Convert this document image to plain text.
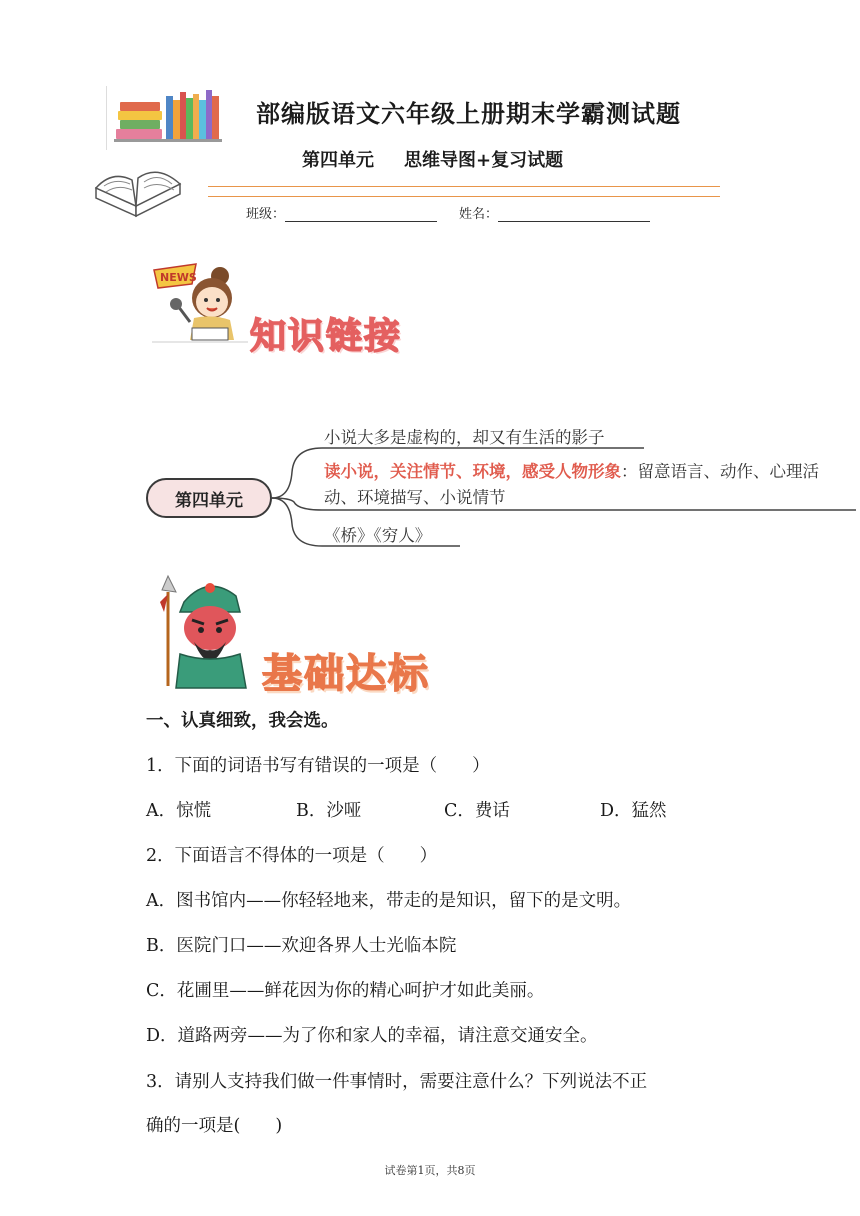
部编版语文六年级上册期末学霸测试题
第四单元 思维导图+复习试题
班级：	姓名：
NEWS
知识链接
第四单元
小说大多是虚构的，却又有生活的影子
读小说，关注情节、环境，感受人物形象：留意语言、动作、心理活动、环境描写、小说情节
《桥》《穷人》
基础达标
一、认真细致，我会选。
1．下面的词语书写有错误的一项是（　　）
A．惊慌	B．沙哑	C．费话	D．猛然
2．下面语言不得体的一项是（　　）
A．图书馆内——你轻轻地来，带走的是知识，留下的是文明。
B．医院门口——欢迎各界人士光临本院
C．花圃里——鲜花因为你的精心呵护才如此美丽。
D．道路两旁——为了你和家人的幸福，请注意交通安全。
3．请别人支持我们做一件事情时，需要注意什么？下列说法不正
确的一项是(　　)
试卷第1页，共8页
